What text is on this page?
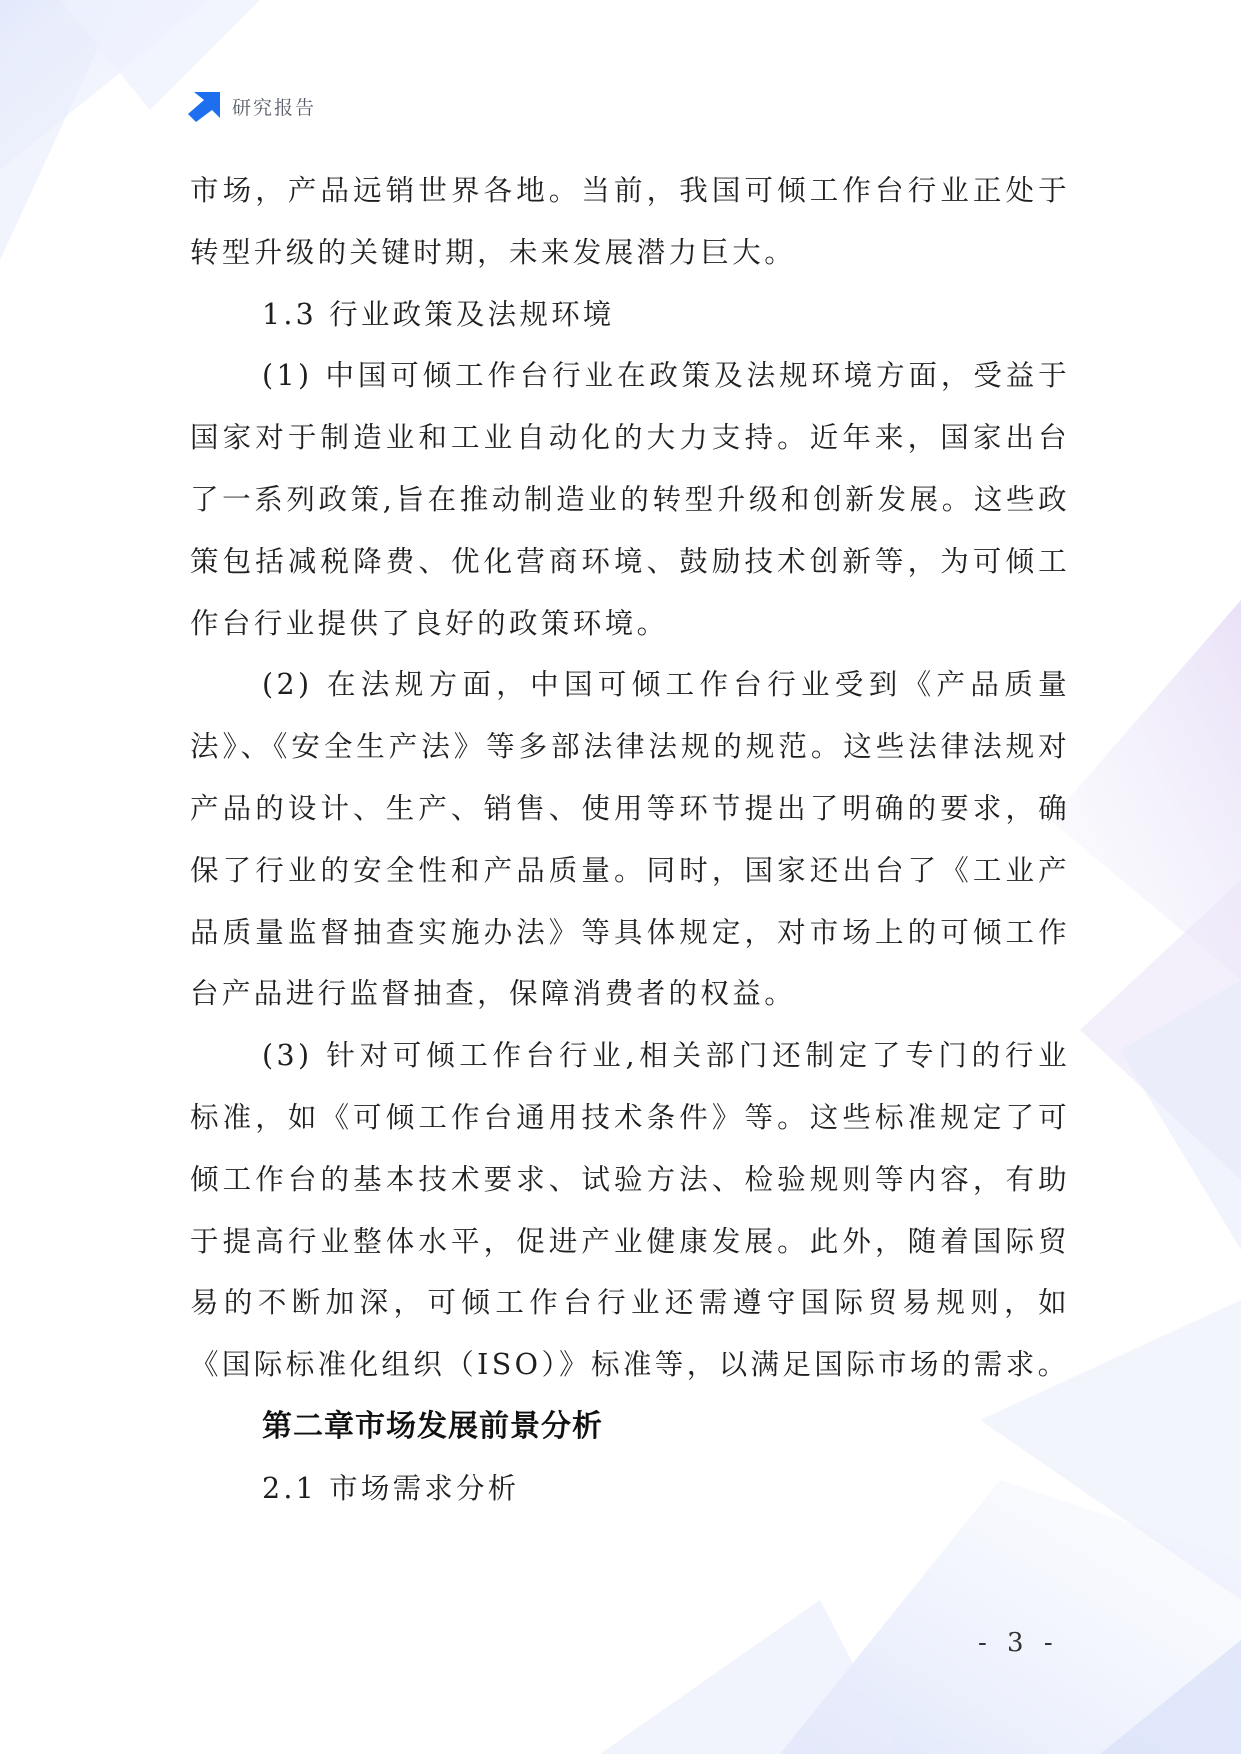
研究报告

市场，产品远销世界各地。当前，我国可倾工作台行业正处于转型升级的关键时期，未来发展潜力巨大。

1.3 行业政策及法规环境

(1) 中国可倾工作台行业在政策及法规环境方面，受益于国家对于制造业和工业自动化的大力支持。近年来，国家出台了一系列政策,旨在推动制造业的转型升级和创新发展。这些政策包括减税降费、优化营商环境、鼓励技术创新等，为可倾工作台行业提供了良好的政策环境。

(2) 在法规方面，中国可倾工作台行业受到《产品质量法》、《安全生产法》等多部法律法规的规范。这些法律法规对产品的设计、生产、销售、使用等环节提出了明确的要求，确保了行业的安全性和产品质量。同时，国家还出台了《工业产品质量监督抽查实施办法》等具体规定，对市场上的可倾工作台产品进行监督抽查，保障消费者的权益。

(3) 针对可倾工作台行业,相关部门还制定了专门的行业标准，如《可倾工作台通用技术条件》等。这些标准规定了可倾工作台的基本技术要求、试验方法、检验规则等内容，有助于提高行业整体水平，促进产业健康发展。此外，随着国际贸易的不断加深，可倾工作台行业还需遵守国际贸易规则，如《国际标准化组织（ISO）》标准等，以满足国际市场的需求。

第二章市场发展前景分析

2.1 市场需求分析

- 3 -
